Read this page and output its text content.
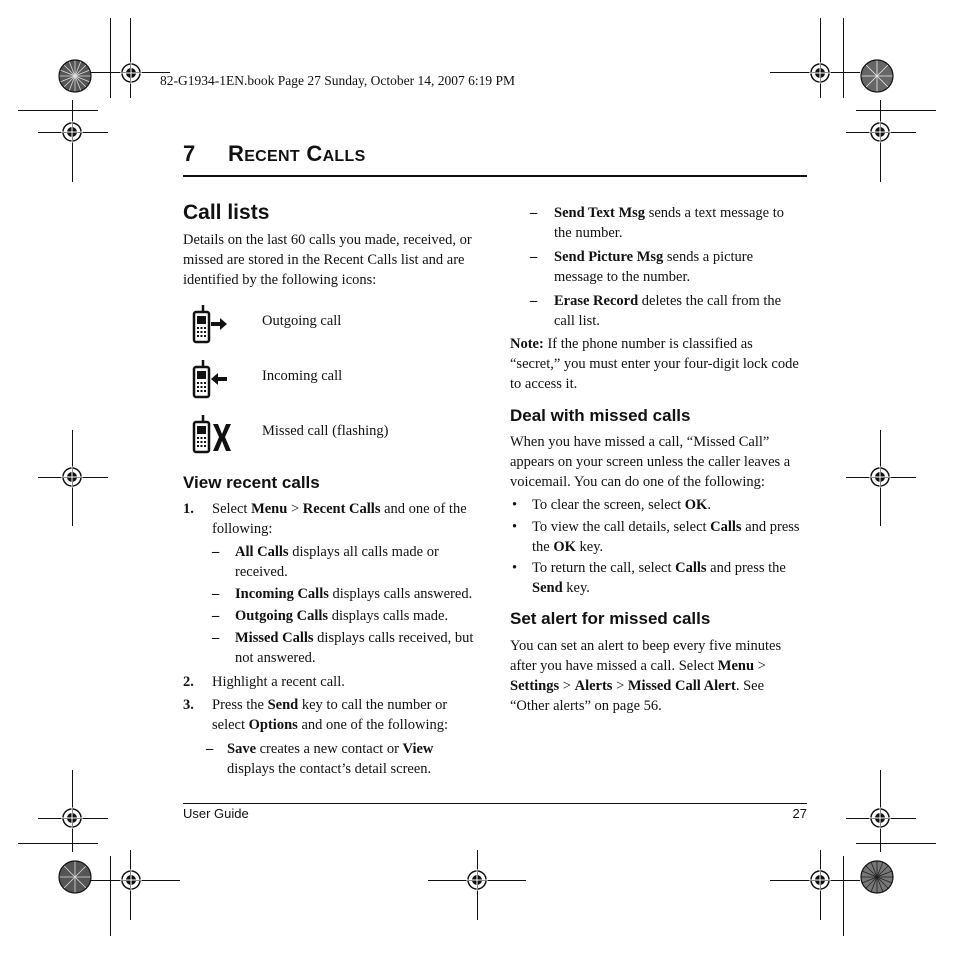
82-G1934-1EN.book Page 27 Sunday, October 14, 2007 6:19 PM
7 RECENT CALLS
Call lists
Details on the last 60 calls you made, received, or
missed are stored in the Recent Calls list and are
identified by the following icons:
Outgoing call
Incoming call
Missed call (flashing)
View recent calls
1. Select Menu > Recent Calls and one of the
following:
– All Calls displays all calls made or
received.
– Incoming Calls displays calls answered.
– Outgoing Calls displays calls made.
– Missed Calls displays calls received, but
not answered.
2. Highlight a recent call.
3. Press the Send key to call the number or
select Options and one of the following:
– Save creates a new contact or View
displays the contact’s detail screen.
– Send Text Msg sends a text message to
the number.
– Send Picture Msg sends a picture
message to the number.
– Erase Record deletes the call from the
call list.
Note: If the phone number is classified as
“secret,” you must enter your four-digit lock code
to access it.
Deal with missed calls
When you have missed a call, “Missed Call”
appears on your screen unless the caller leaves a
voicemail. You can do one of the following:
• To clear the screen, select OK.
• To view the call details, select Calls and press
the OK key.
• To return the call, select Calls and press the
Send key.
Set alert for missed calls
You can set an alert to beep every five minutes
after you have missed a call. Select Menu >
Settings > Alerts > Missed Call Alert. See
“Other alerts” on page 56.
User Guide	27
